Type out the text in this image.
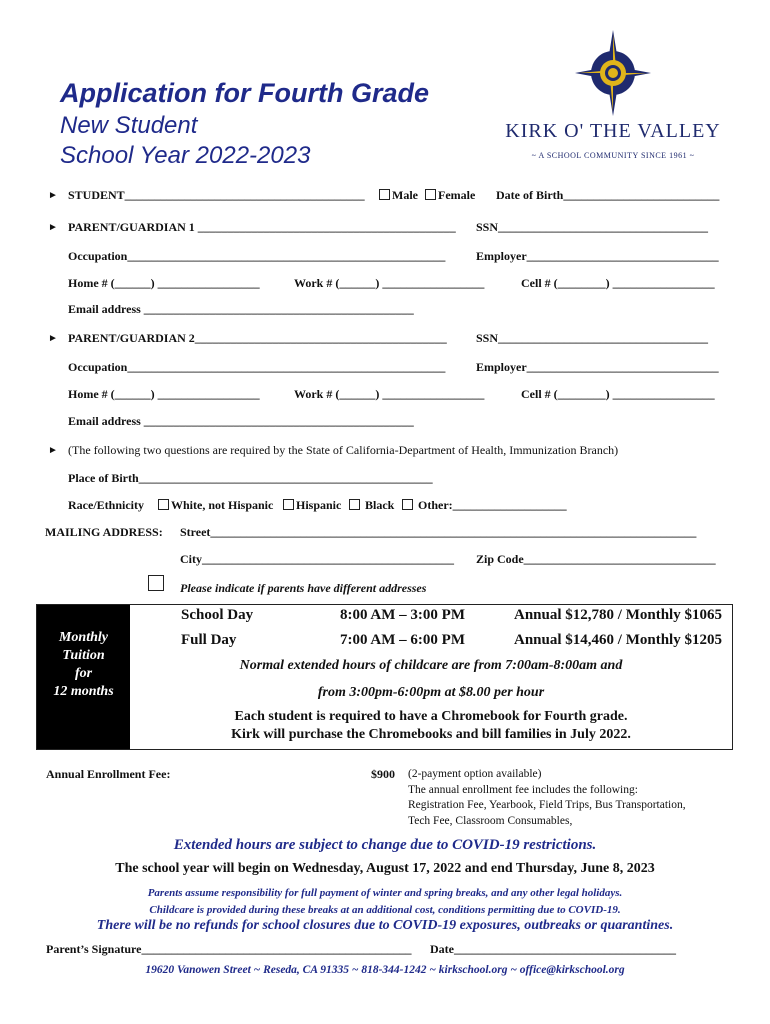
Application for Fourth Grade
New Student
School Year 2022-2023
KIRK O' THE VALLEY
~ A SCHOOL COMMUNITY SINCE 1961 ~
► STUDENT________________________________________	Male	Female Date of Birth__________________________
► PARENT/GUARDIAN 1 ___________________________________________ SSN___________________________________
Occupation_____________________________________________________	Employer________________________________
Home # (______) _________________	Work # (______) _________________	Cell # (________) _________________
Email address _____________________________________________
► PARENT/GUARDIAN 2__________________________________________ SSN___________________________________
Occupation_____________________________________________________	Employer________________________________
Home # (______) _________________	Work # (______) _________________	Cell # (________) _________________
Email address _____________________________________________
► (The following two questions are required by the State of California-Department of Health, Immunization Branch)
Place of Birth_________________________________________________
Race/Ethnicity	White, not Hispanic	Hispanic	Black	Other:___________________
MAILING ADDRESS: Street_________________________________________________________________________________
City__________________________________________ Zip Code________________________________
Please indicate if parents have different addresses
Monthly
Tuition
for
12 months
School Day	8:00 AM – 3:00 PM	Annual $12,780 / Monthly $1065
Full Day	7:00 AM – 6:00 PM	Annual $14,460 / Monthly $1205
Normal extended hours of childcare are from 7:00am-8:00am and
from 3:00pm-6:00pm at $8.00 per hour
Each student is required to have a Chromebook for Fourth grade.
Kirk will purchase the Chromebooks and bill families in July 2022.
Annual Enrollment Fee:	$900 (2-payment option available)
The annual enrollment fee includes the following:
Registration Fee, Yearbook, Field Trips, Bus Transportation,
Tech Fee, Classroom Consumables,
Extended hours are subject to change due to COVID-19 restrictions.
The school year will begin on Wednesday, August 17, 2022 and end Thursday, June 8, 2023
Parents assume responsibility for full payment of winter and spring breaks, and any other legal holidays.
Childcare is provided during these breaks at an additional cost, conditions permitting due to COVID-19.
There will be no refunds for school closures due to COVID-19 exposures, outbreaks or quarantines.
Parent’s Signature_____________________________________________ Date_____________________________________
19620 Vanowen Street ~ Reseda, CA 91335 ~ 818-344-1242 ~ kirkschool.org ~ office@kirkschool.org
